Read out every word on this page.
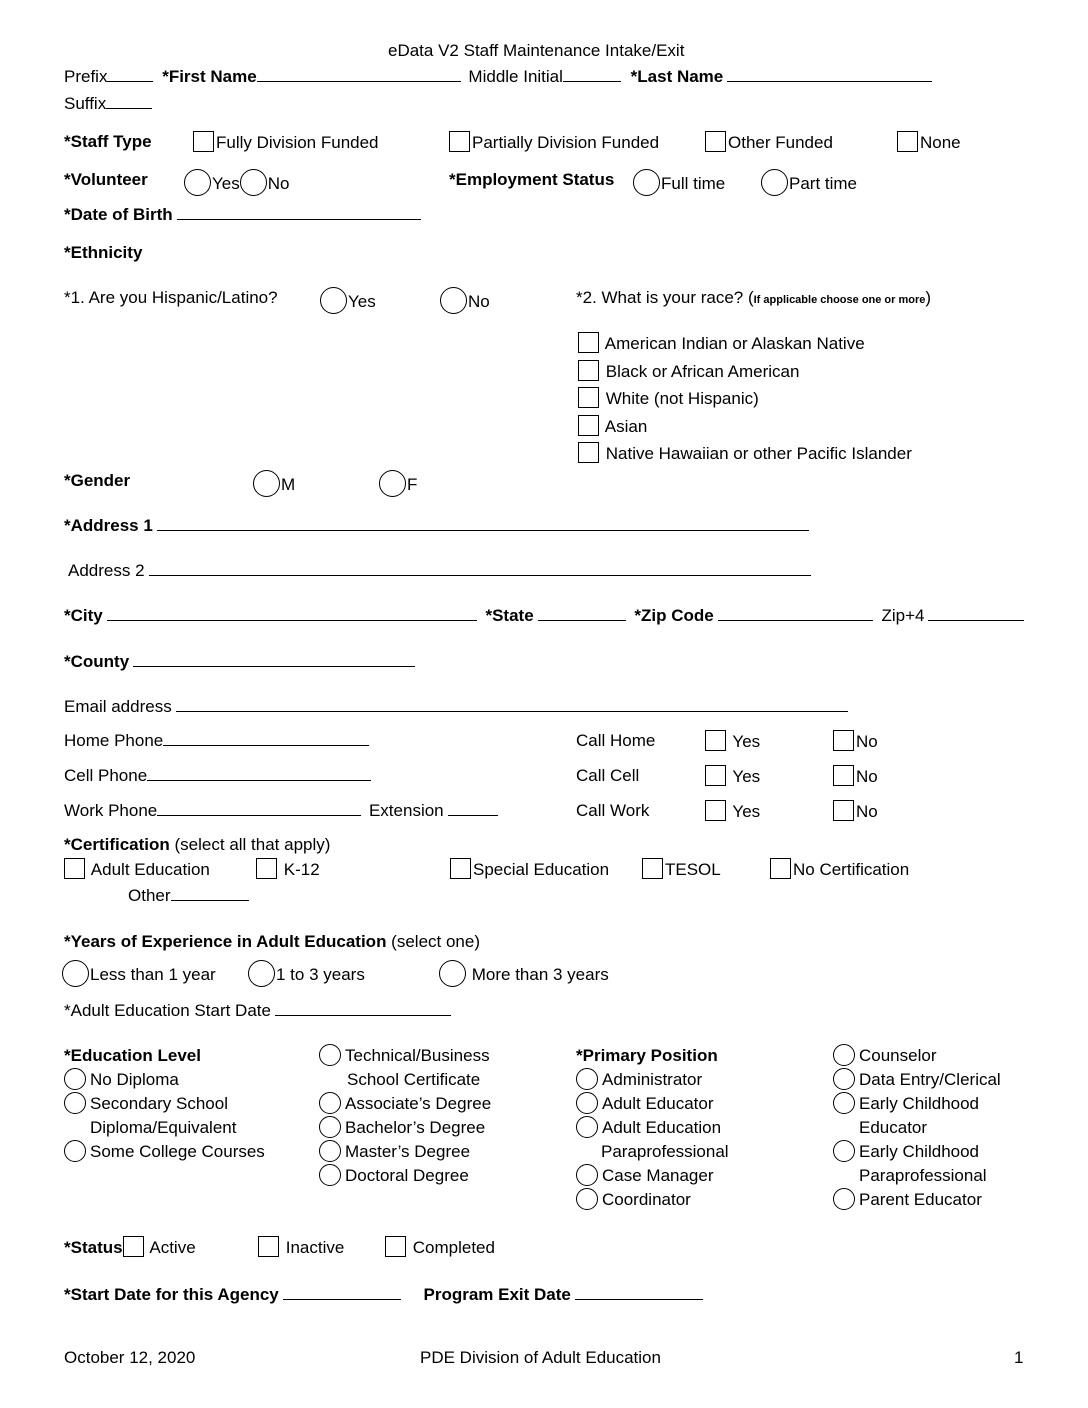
eData V2 Staff Maintenance Intake/Exit
Prefix	*First Name	Middle Initial	*Last Name
Suffix
*Staff Type	Fully Division Funded	Partially Division Funded	Other Funded	None
*Volunteer	Yes No	*Employment Status	Full time	Part time
*Date of Birth
*Ethnicity
*1. Are you Hispanic/Latino?	Yes	No	*2. What is your race? (If applicable choose one or more)
American Indian or Alaskan Native
Black or African American
White (not Hispanic)
Asian
Native Hawaiian or other Pacific Islander
*Gender	M	F
*Address 1
Address 2
*City	*State	*Zip Code	Zip+4
*County
Email address
Home Phone
Cell Phone
Work Phone	Extension
Call Home	Yes	No
Call Cell	Yes	No
Call Work	Yes	No
*Certification (select all that apply)
Adult Education	K-12	Special Education	TESOL	No Certification
Other
*Years of Experience in Adult Education (select one)
Less than 1 year	1 to 3 years	More than 3 years
*Adult Education Start Date
*Education Level
No Diploma
Secondary School
Diploma/Equivalent
Some College Courses
Technical/Business
School Certificate
Associate’s Degree
Bachelor’s Degree
Master’s Degree
Doctoral Degree
*Primary Position
Administrator
Adult Educator
Adult Education
Paraprofessional
Case Manager
Coordinator
Counselor
Data Entry/Clerical
Early Childhood
Educator
Early Childhood
Paraprofessional
Parent Educator
*Status Active	Inactive	Completed
*Start Date for this Agency	Program Exit Date
October 12, 2020	PDE Division of Adult Education	1
